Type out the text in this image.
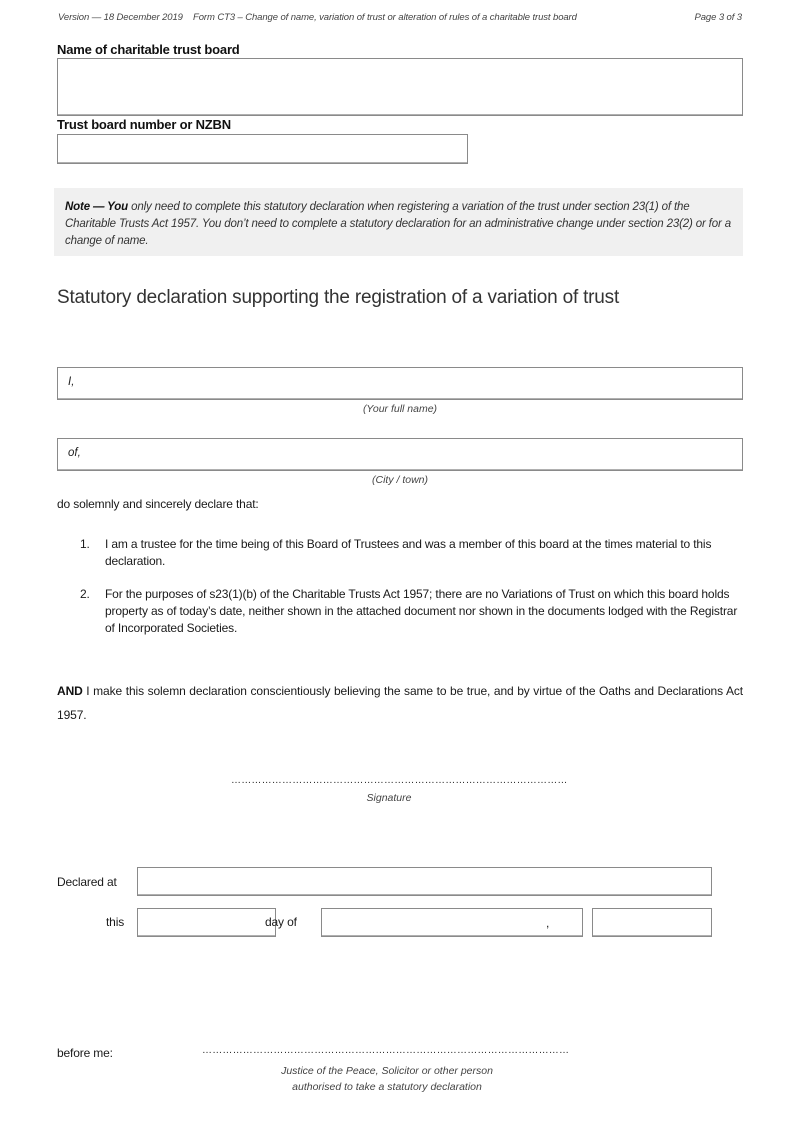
Version — 18 December 2019 Form CT3 – Change of name, variation of trust or alteration of rules of a charitable trust board	Page 3 of 3
Name of charitable trust board
Trust board number or NZBN
Note — You only need to complete this statutory declaration when registering a variation of the trust under section 23(1) of the Charitable Trusts Act 1957. You don’t need to complete a statutory declaration for an administrative change under section 23(2) or for a change of name.
Statutory declaration supporting the registration of a variation of trust
I,
(Your full name)
of,
(City / town)
do solemnly and sincerely declare that:
1.	I am a trustee for the time being of this Board of Trustees and was a member of this board at the times material to this declaration.
2.	For the purposes of s23(1)(b) of the Charitable Trusts Act 1957; there are no Variations of Trust on which this board holds property as of today’s date, neither shown in the attached document nor shown in the documents lodged with the Registrar of Incorporated Societies.
AND I make this solemn declaration conscientiously believing the same to be true, and by virtue of the Oaths and Declarations Act 1957.
………………………………………………………………………………………
Signature
Declared at
this	day of	,
before me:	………………………………………………………………………………………………
Justice of the Peace, Solicitor or other person
authorised to take a statutory declaration
